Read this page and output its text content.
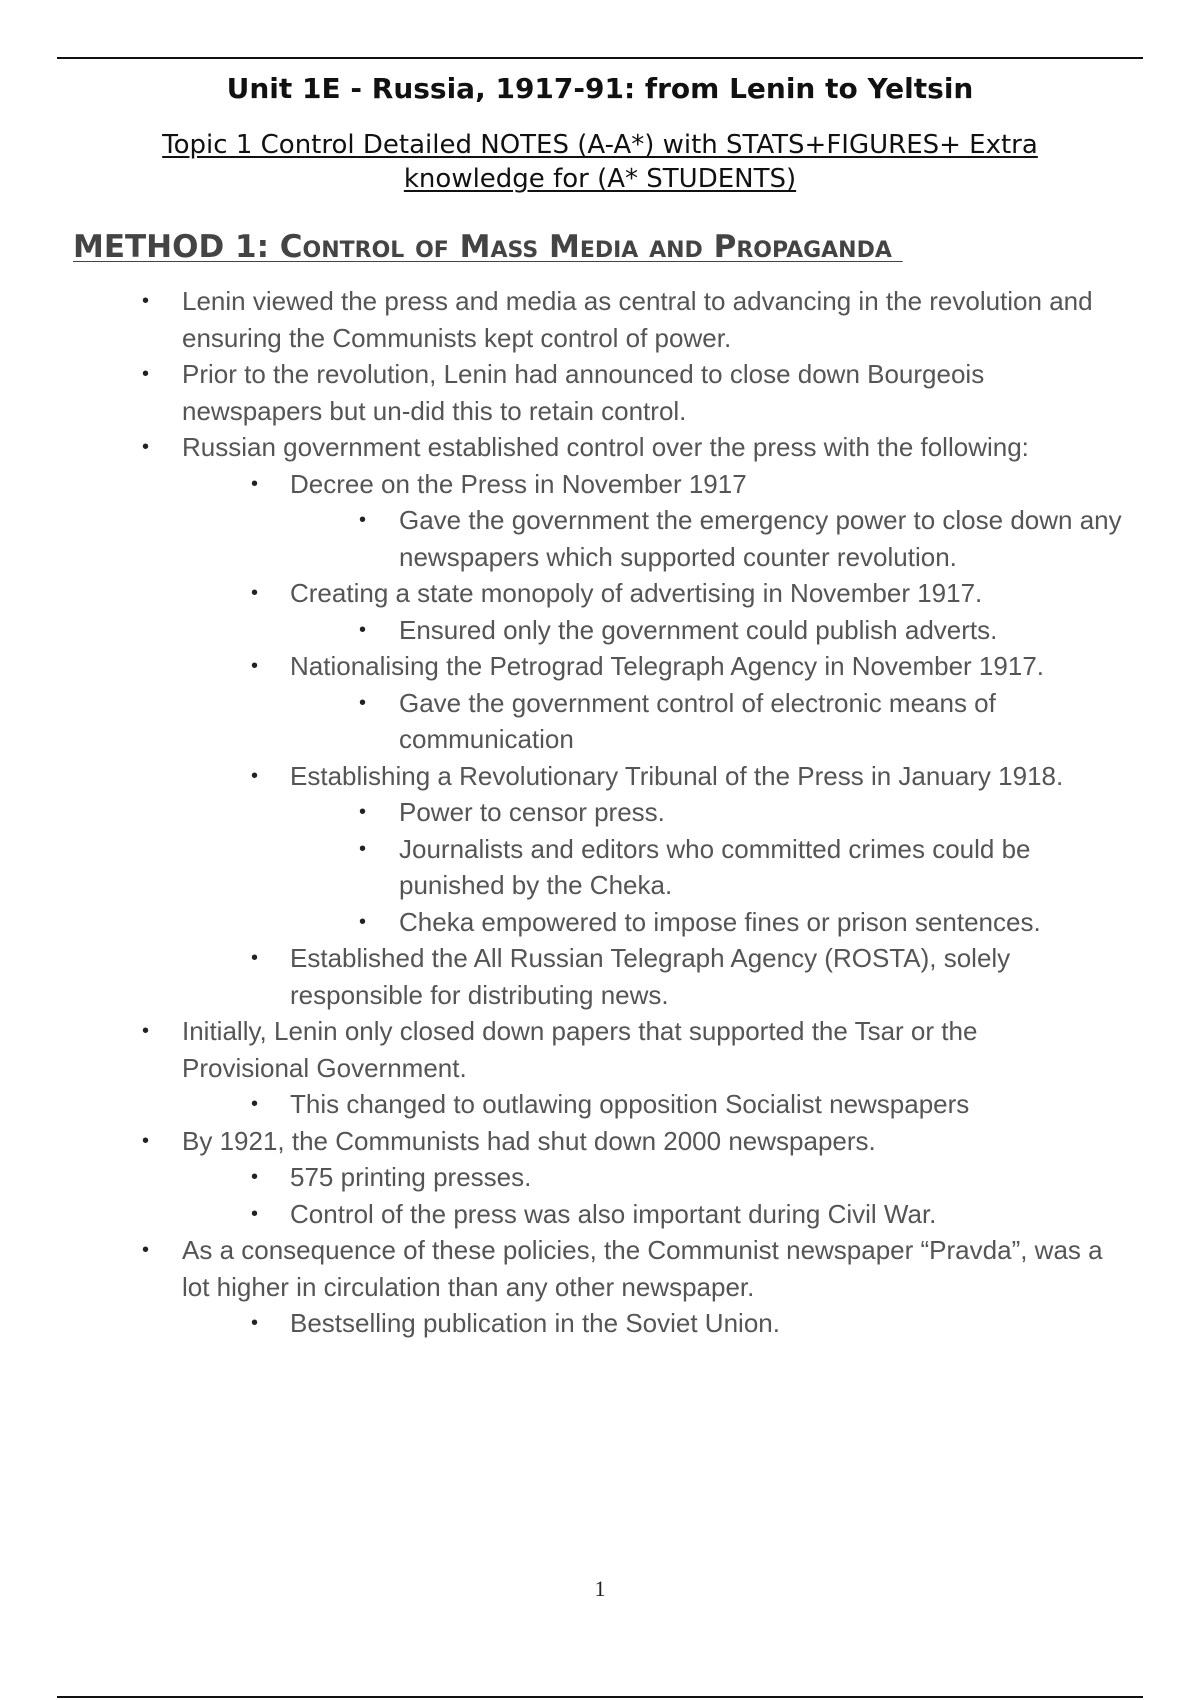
Unit 1E - Russia, 1917-91: from Lenin to Yeltsin

Topic 1 Control Detailed NOTES (A-A*) with STATS+FIGURES+ Extra knowledge for (A* STUDENTS)

METHOD 1: Control of Mass Media and Propaganda
• Lenin viewed the press and media as central to advancing in the revolution and ensuring the Communists kept control of power.
• Prior to the revolution, Lenin had announced to close down Bourgeois newspapers but un-did this to retain control.
• Russian government established control over the press with the following:
• Decree on the Press in November 1917
• Gave the government the emergency power to close down any newspapers which supported counter revolution.
• Creating a state monopoly of advertising in November 1917.
• Ensured only the government could publish adverts.
• Nationalising the Petrograd Telegraph Agency in November 1917.
• Gave the government control of electronic means of communication
• Establishing a Revolutionary Tribunal of the Press in January 1918.
• Power to censor press.
• Journalists and editors who committed crimes could be punished by the Cheka.
• Cheka empowered to impose fines or prison sentences.
• Established the All Russian Telegraph Agency (ROSTA), solely responsible for distributing news.
• Initially, Lenin only closed down papers that supported the Tsar or the Provisional Government.
• This changed to outlawing opposition Socialist newspapers
• By 1921, the Communists had shut down 2000 newspapers.
• 575 printing presses.
• Control of the press was also important during Civil War.
• As a consequence of these policies, the Communist newspaper “Pravda”, was a lot higher in circulation than any other newspaper.
• Bestselling publication in the Soviet Union.
1
